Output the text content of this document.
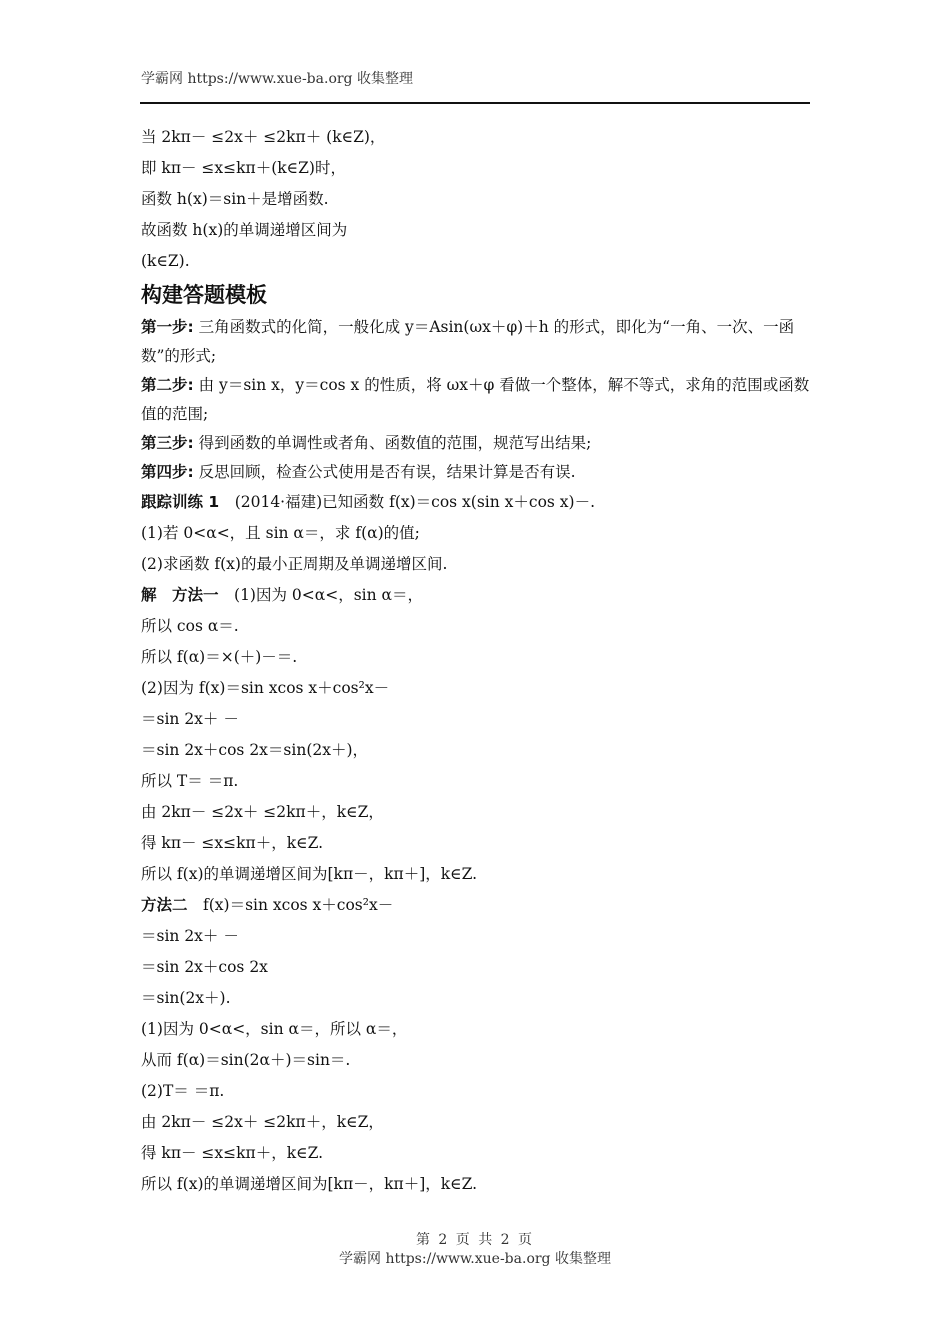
学霸网 https://www.xue-ba.org 收集整理
当 2kπ－ ≤2x＋ ≤2kπ＋ (k∈Z)，
即 kπ－ ≤x≤kπ＋(k∈Z)时，
函数 h(x)＝sin＋是增函数.
故函数 h(x)的单调递增区间为
(k∈Z).
构建答题模板
第一步: 三角函数式的化简，一般化成 y＝Asin(ωx＋φ)＋h 的形式，即化为“一角、一次、一函数”的形式;
第二步: 由 y＝sin x，y＝cos x 的性质，将 ωx＋φ 看做一个整体，解不等式，求角的范围或函数值的范围;
第三步: 得到函数的单调性或者角、函数值的范围，规范写出结果;
第四步: 反思回顾，检查公式使用是否有误，结果计算是否有误.
跟踪训练 1　(2014·福建)已知函数 f(x)＝cos x(sin x＋cos x)－.
(1)若 0<α<，且 sin α＝，求 f(α)的值;
(2)求函数 f(x)的最小正周期及单调递增区间.
解　方法一　(1)因为 0<α<，sin α＝，
所以 cos α＝.
所以 f(α)＝×(＋)－＝.
(2)因为 f(x)＝sin xcos x＋cos²x－
＝sin 2x＋ －
＝sin 2x＋cos 2x＝sin(2x＋)，
所以 T＝ ＝π.
由 2kπ－ ≤2x＋ ≤2kπ＋，k∈Z，
得 kπ－ ≤x≤kπ＋，k∈Z.
所以 f(x)的单调递增区间为[kπ－，kπ＋]，k∈Z.
方法二　f(x)＝sin xcos x＋cos²x－
＝sin 2x＋ －
＝sin 2x＋cos 2x
＝sin(2x＋).
(1)因为 0<α<，sin α＝，所以 α＝，
从而 f(α)＝sin(2α＋)＝sin＝.
(2)T＝ ＝π.
由 2kπ－ ≤2x＋ ≤2kπ＋，k∈Z，
得 kπ－ ≤x≤kπ＋，k∈Z.
所以 f(x)的单调递增区间为[kπ－，kπ＋]，k∈Z.
第 2 页 共 2 页
学霸网 https://www.xue-ba.org 收集整理
